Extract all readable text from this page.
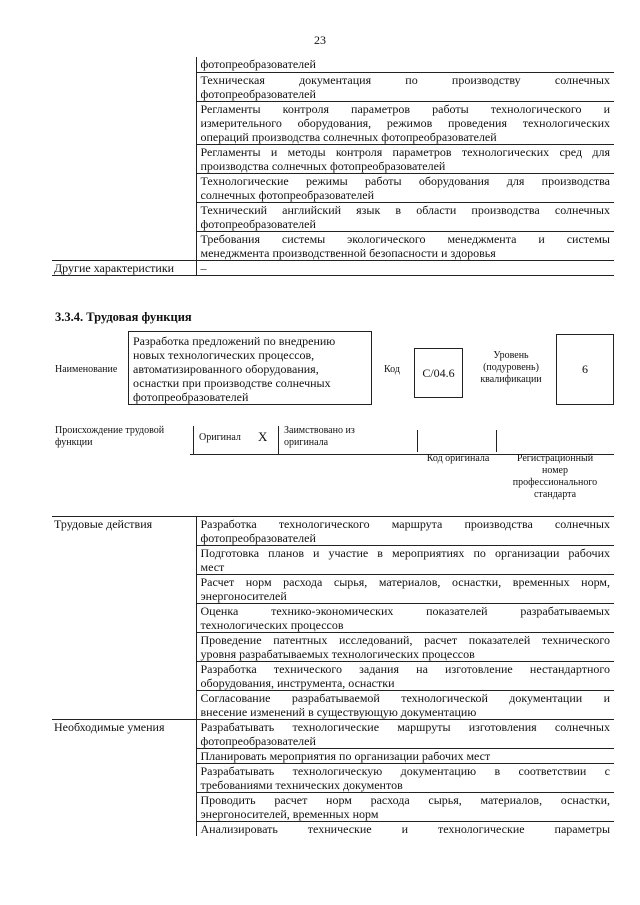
23
	фотопреобразователей

	Техническая документация по производству солнечных
фотопреобразователей

	Регламенты контроля параметров работы технологического и
измерительного оборудования, режимов проведения технологических
операций производства солнечных фотопреобразователей

	Регламенты и методы контроля параметров технологических сред для
производства солнечных фотопреобразователей

	Технологические режимы работы оборудования для производства
солнечных фотопреобразователей

	Технический английский язык в области производства солнечных
фотопреобразователей

	Требования системы экологического менеджмента и системы
менеджмента производственной безопасности и здоровья

Другие характеристики	–
3.3.4. Трудовая функция
Наименование
Разработка предложений по внедрению новых технологических процессов, автоматизированного оборудования, оснастки при производстве солнечных фотопреобразователей
Код С/04.6
Уровень (подуровень) квалификации
6
Происхождение трудовой функции	Оригинал X Заимствовано из оригинала
Код оригинала	Регистрационный номер профессионального стандарта
Трудовые действия	Разработка технологического маршрута производства солнечных
фотопреобразователей

	Подготовка планов и участие в мероприятиях по организации рабочих
мест

	Расчет норм расхода сырья, материалов, оснастки, временных норм,
энергоносителей

	Оценка технико-экономических показателей разрабатываемых
технологических процессов

	Проведение патентных исследований, расчет показателей технического
уровня разрабатываемых технологических процессов

	Разработка технического задания на изготовление нестандартного
оборудования, инструмента, оснастки

	Согласование разрабатываемой технологической документации и
внесение изменений в существующую документацию

Необходимые умения	Разрабатывать технологические маршруты изготовления солнечных
фотопреобразователей

	Планировать мероприятия по организации рабочих мест

	Разрабатывать технологическую документацию в соответствии с
требованиями технических документов

	Проводить расчет норм расхода сырья, материалов, оснастки,
энергоносителей, временных норм

	Анализировать технические и технологические параметры
